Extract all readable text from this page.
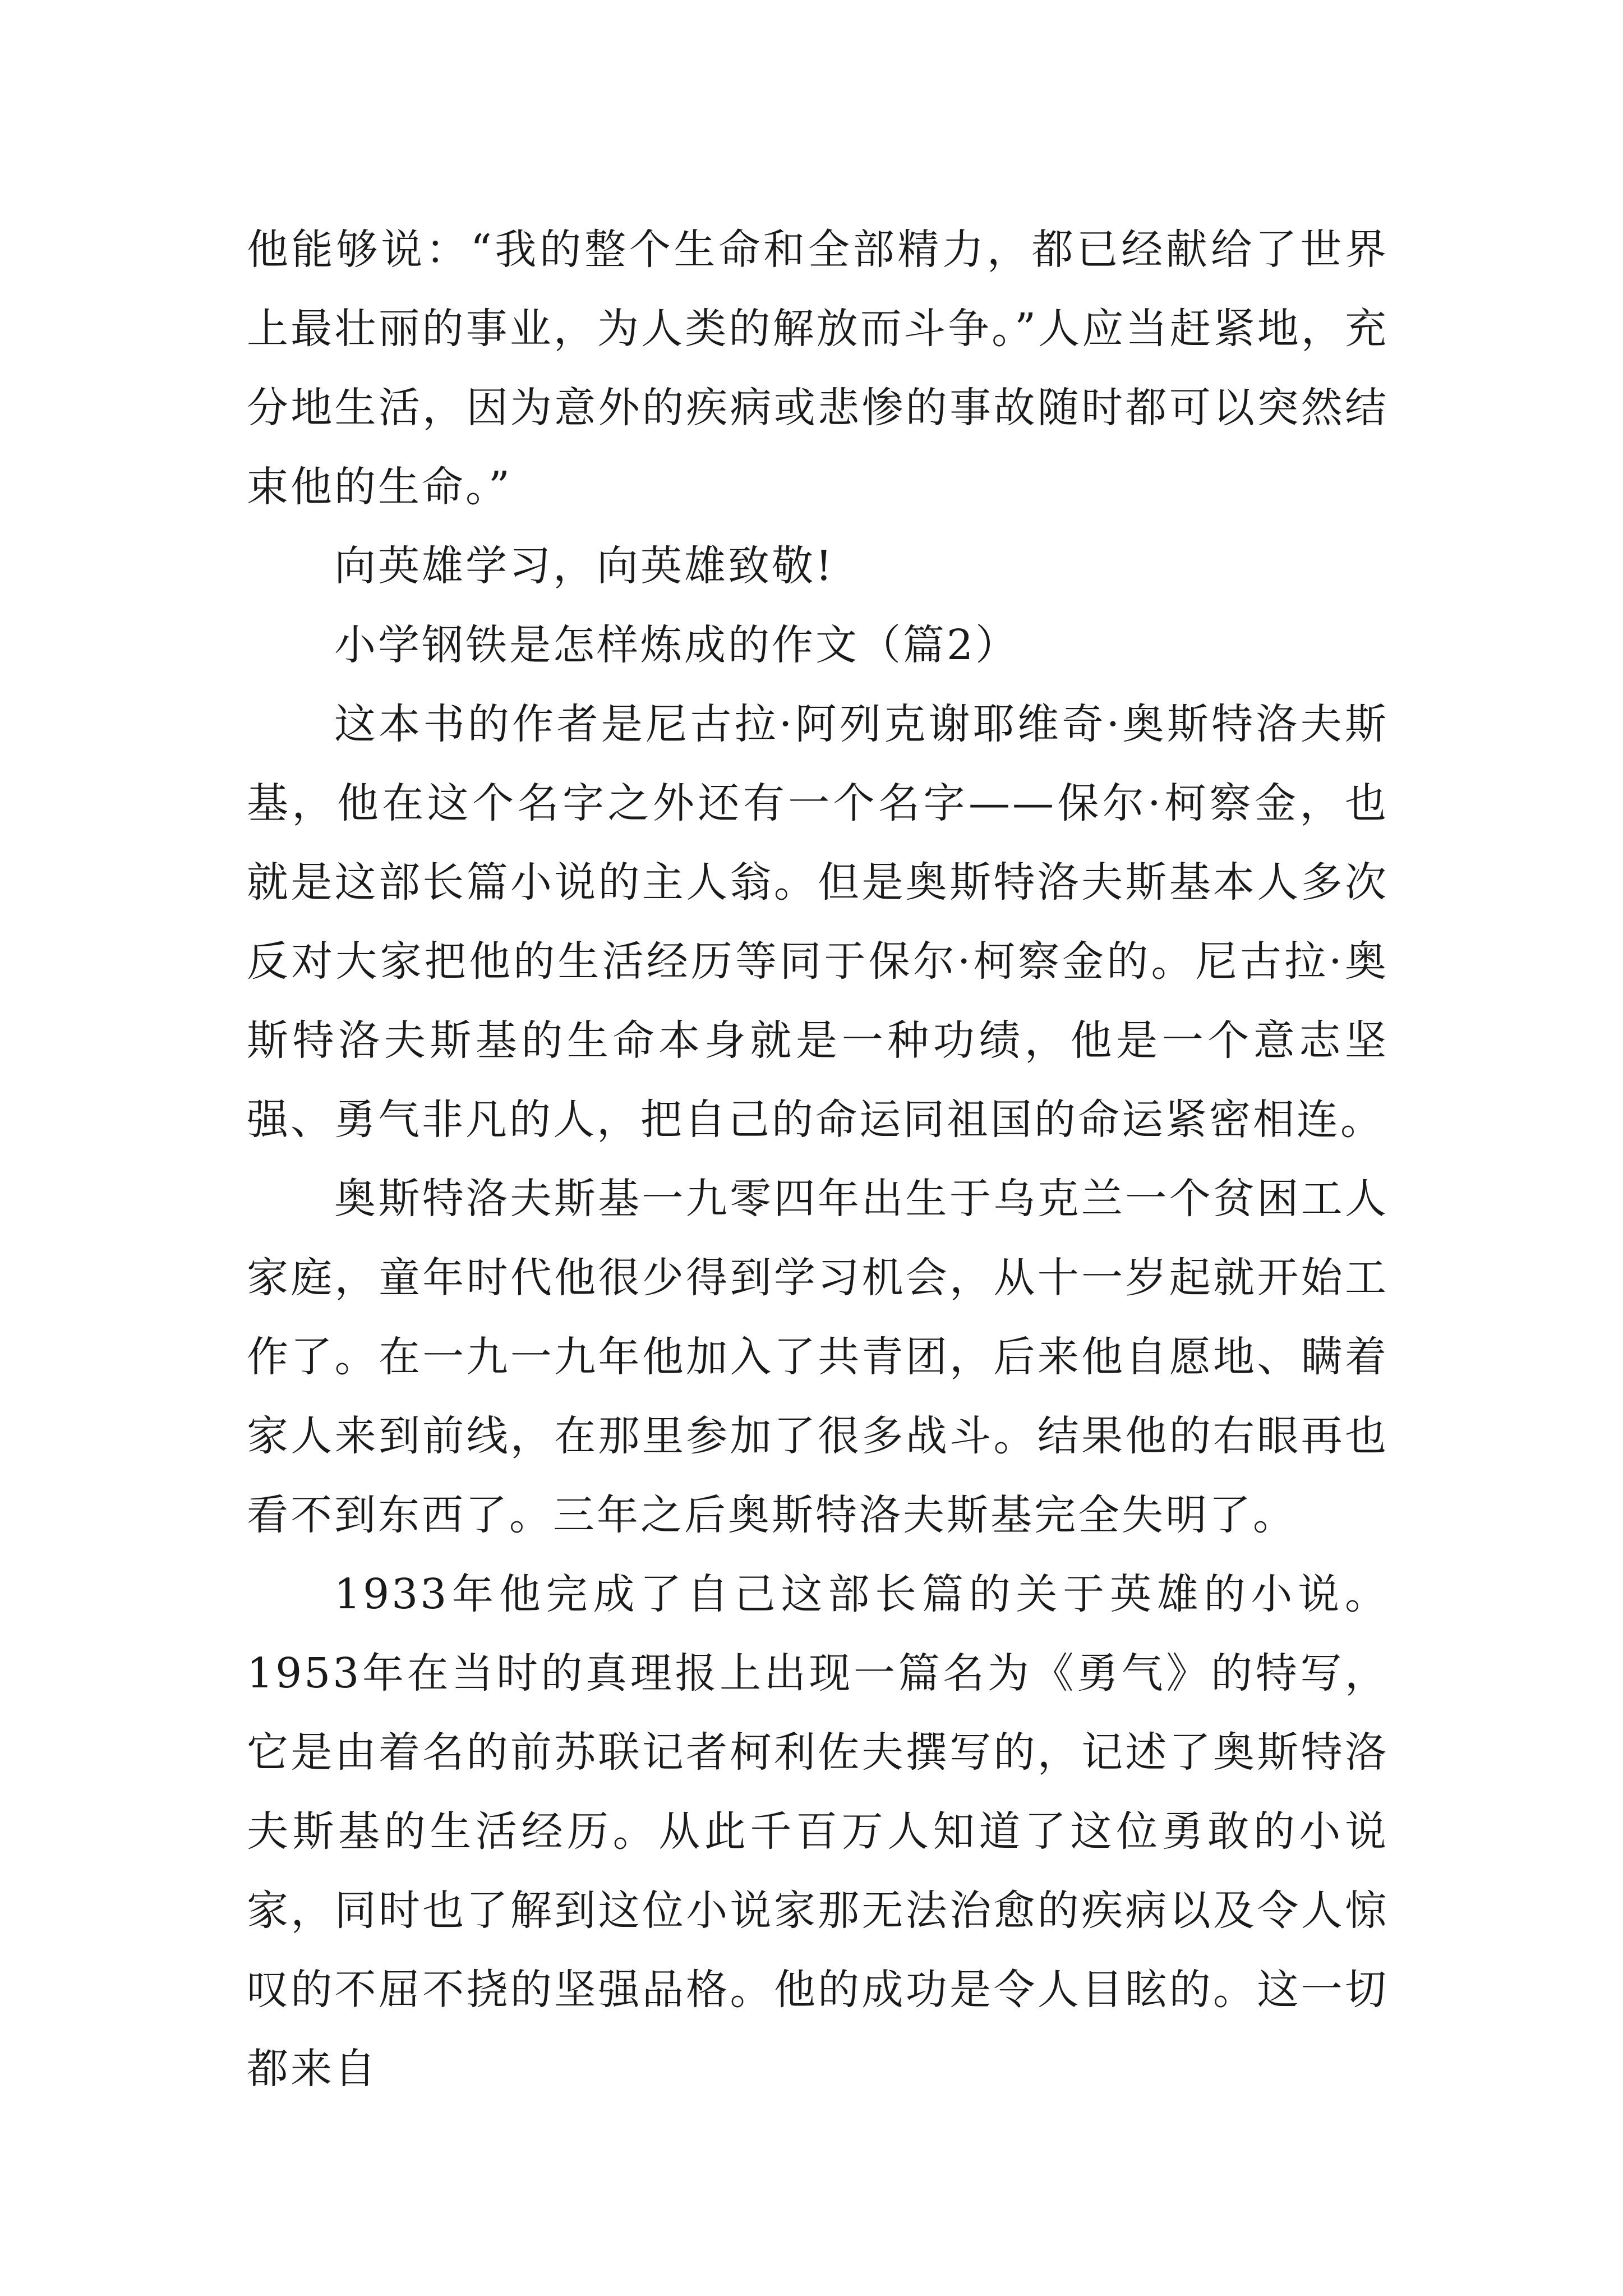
他能够说：“我的整个生命和全部精力，都已经献给了世界上最壮丽的事业，为人类的解放而斗争。”人应当赶紧地，充分地生活，因为意外的疾病或悲惨的事故随时都可以突然结束他的生命。”

向英雄学习，向英雄致敬!

小学钢铁是怎样炼成的作文（篇2）

这本书的作者是尼古拉·阿列克谢耶维奇·奥斯特洛夫斯基，他在这个名字之外还有一个名字——保尔·柯察金，也就是这部长篇小说的主人翁。但是奥斯特洛夫斯基本人多次反对大家把他的生活经历等同于保尔·柯察金的。尼古拉·奥斯特洛夫斯基的生命本身就是一种功绩，他是一个意志坚强、勇气非凡的人，把自己的命运同祖国的命运紧密相连。

奥斯特洛夫斯基一九零四年出生于乌克兰一个贫困工人家庭，童年时代他很少得到学习机会，从十一岁起就开始工作了。在一九一九年他加入了共青团，后来他自愿地、瞒着家人来到前线，在那里参加了很多战斗。结果他的右眼再也看不到东西了。三年之后奥斯特洛夫斯基完全失明了。

1933年他完成了自己这部长篇的关于英雄的小说。1953年在当时的真理报上出现一篇名为《勇气》的特写，它是由着名的前苏联记者柯利佐夫撰写的，记述了奥斯特洛夫斯基的生活经历。从此千百万人知道了这位勇敢的小说家，同时也了解到这位小说家那无法治愈的疾病以及令人惊叹的不屈不挠的坚强品格。他的成功是令人目眩的。这一切都来自
